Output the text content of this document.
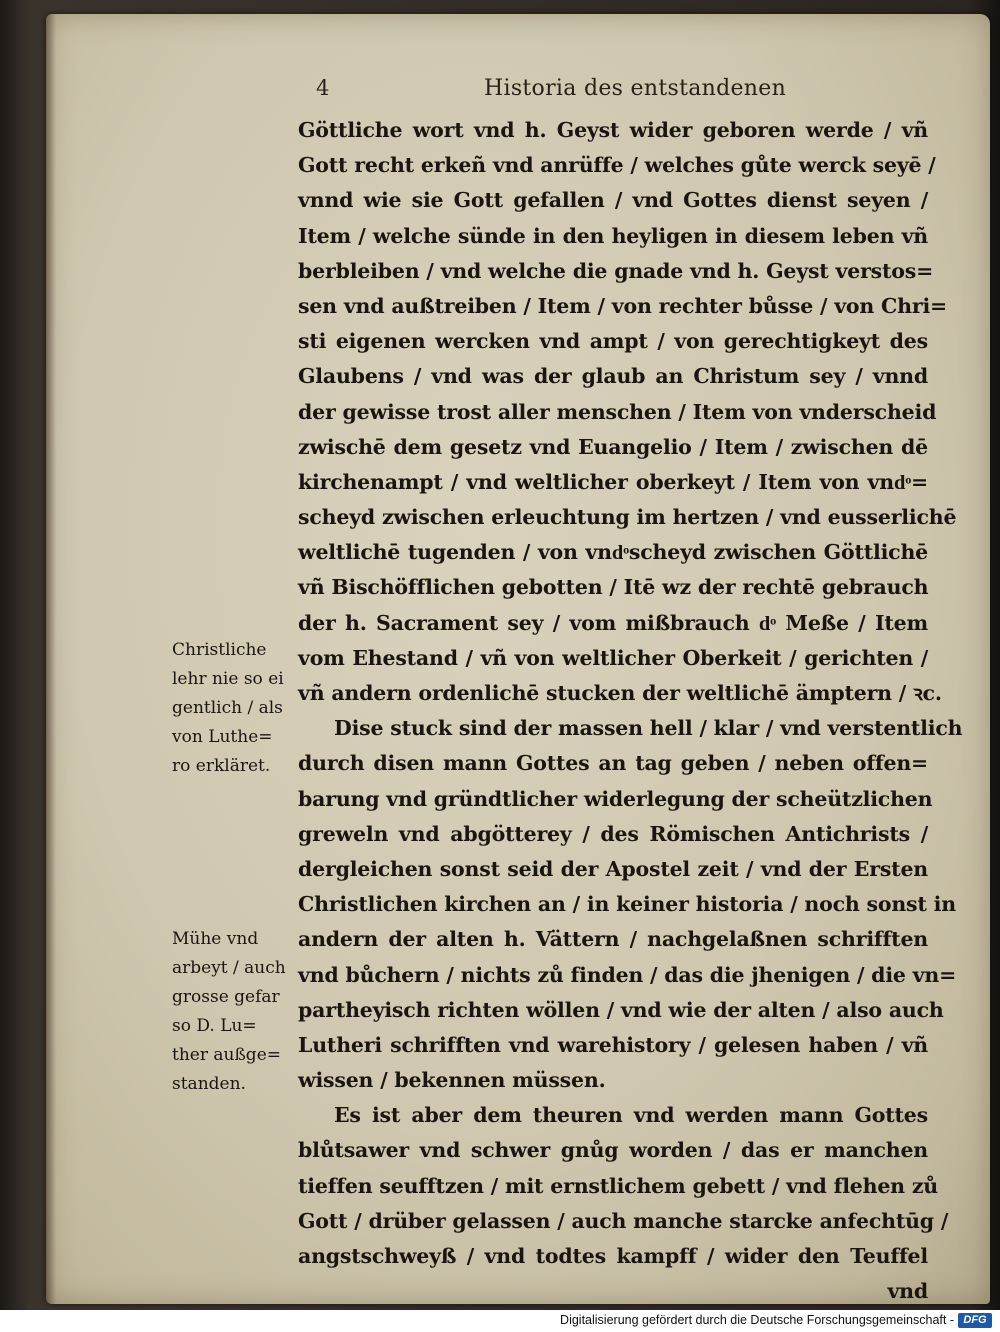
4	Historia des entstandenen
Göttliche wort vnd h. Geyst wider geboren werde / vñ
Gott recht erkeñ vnd anrüffe / welches gůte werck seyē /
vnnd wie sie Gott gefallen / vnd Gottes dienst seyen /
Item / welche sünde in den heyligen in diesem leben vñ
berbleiben / vnd welche die gnade vnd h. Geyst verstos=
sen vnd außtreiben / Item / von rechter bůsse / von Chri=
sti eigenen wercken vnd ampt / von gerechtigkeyt des
Glaubens / vnd was der glaub an Christum sey / vnnd
der gewisse trost aller menschen / Item von vnderscheid
zwischē dem gesetz vnd Euangelio / Item / zwischen dē
kirchenampt / vnd weltlicher oberkeyt / Item von vndͦ=
scheyd zwischen erleuchtung im hertzen / vnd eusserlichē
weltlichē tugenden / von vndͦscheyd zwischen Göttlichē
vñ Bischöfflichen gebotten / Itē wz der rechtē gebrauch
der h. Sacrament sey / vom mißbrauch dͦ Meße / Item
vom Ehestand / vñ von weltlicher Oberkeit / gerichten /
vñ andern ordenlichē stucken der weltlichē ämptern / ꝛc.
Dise stuck sind der massen hell / klar / vnd verstentlich
durch disen mann Gottes an tag geben / neben offen=
barung vnd gründtlicher widerlegung der scheützlichen
greweln vnd abgötterey / des Römischen Antichrists /
dergleichen sonst seid der Apostel zeit / vnd der Ersten
Christlichen kirchen an / in keiner historia / noch sonst in
andern der alten h. Vättern / nachgelaßnen schrifften
vnd bůchern / nichts zů finden / das die jhenigen / die vn=
partheyisch richten wöllen / vnd wie der alten / also auch
Lutheri schrifften vnd warehistory / gelesen haben / vñ
wissen / bekennen müssen.
Es ist aber dem theuren vnd werden mann Gottes
blůtsawer vnd schwer gnůg worden / das er manchen
tieffen seufftzen / mit ernstlichem gebett / vnd flehen zů
Gott / drüber gelassen / auch manche starcke anfechtūg /
angstschweyß / vnd todtes kampff / wider den Teuffel
vnd
Christliche
lehr nie so ei
gentlich / als
von Luthe=
ro erkläret.
Mühe vnd
arbeyt / auch
grosse gefar
so D. Lu=
ther außge=
standen.
Digitalisierung gefördert durch die Deutsche Forschungsgemeinschaft - DFG
